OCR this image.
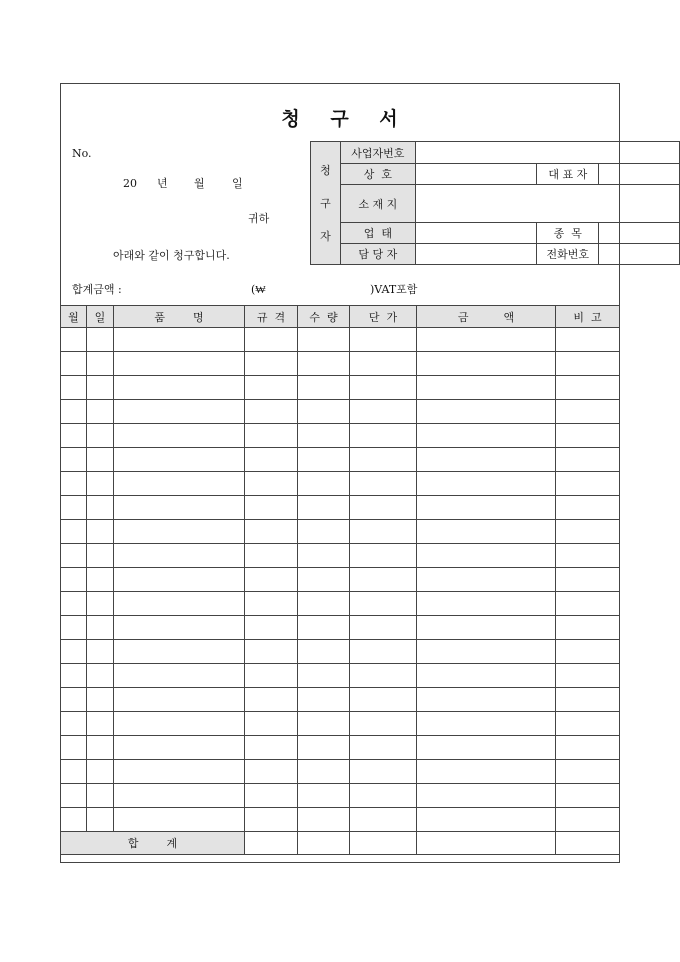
청 구 서
No.
20 년 월 일
귀하
아래와 같이 청구합니다.
청
구
자	사업자번호			
	상  호		대 표 자	
	소 재 지			
	업  태		종  목	
	담 당 자		전화번호	
합계금액 :	(₩	)VAT포함
월	일	품        명	규  격	수  량	단  가	금          액	비  고

합        계							
